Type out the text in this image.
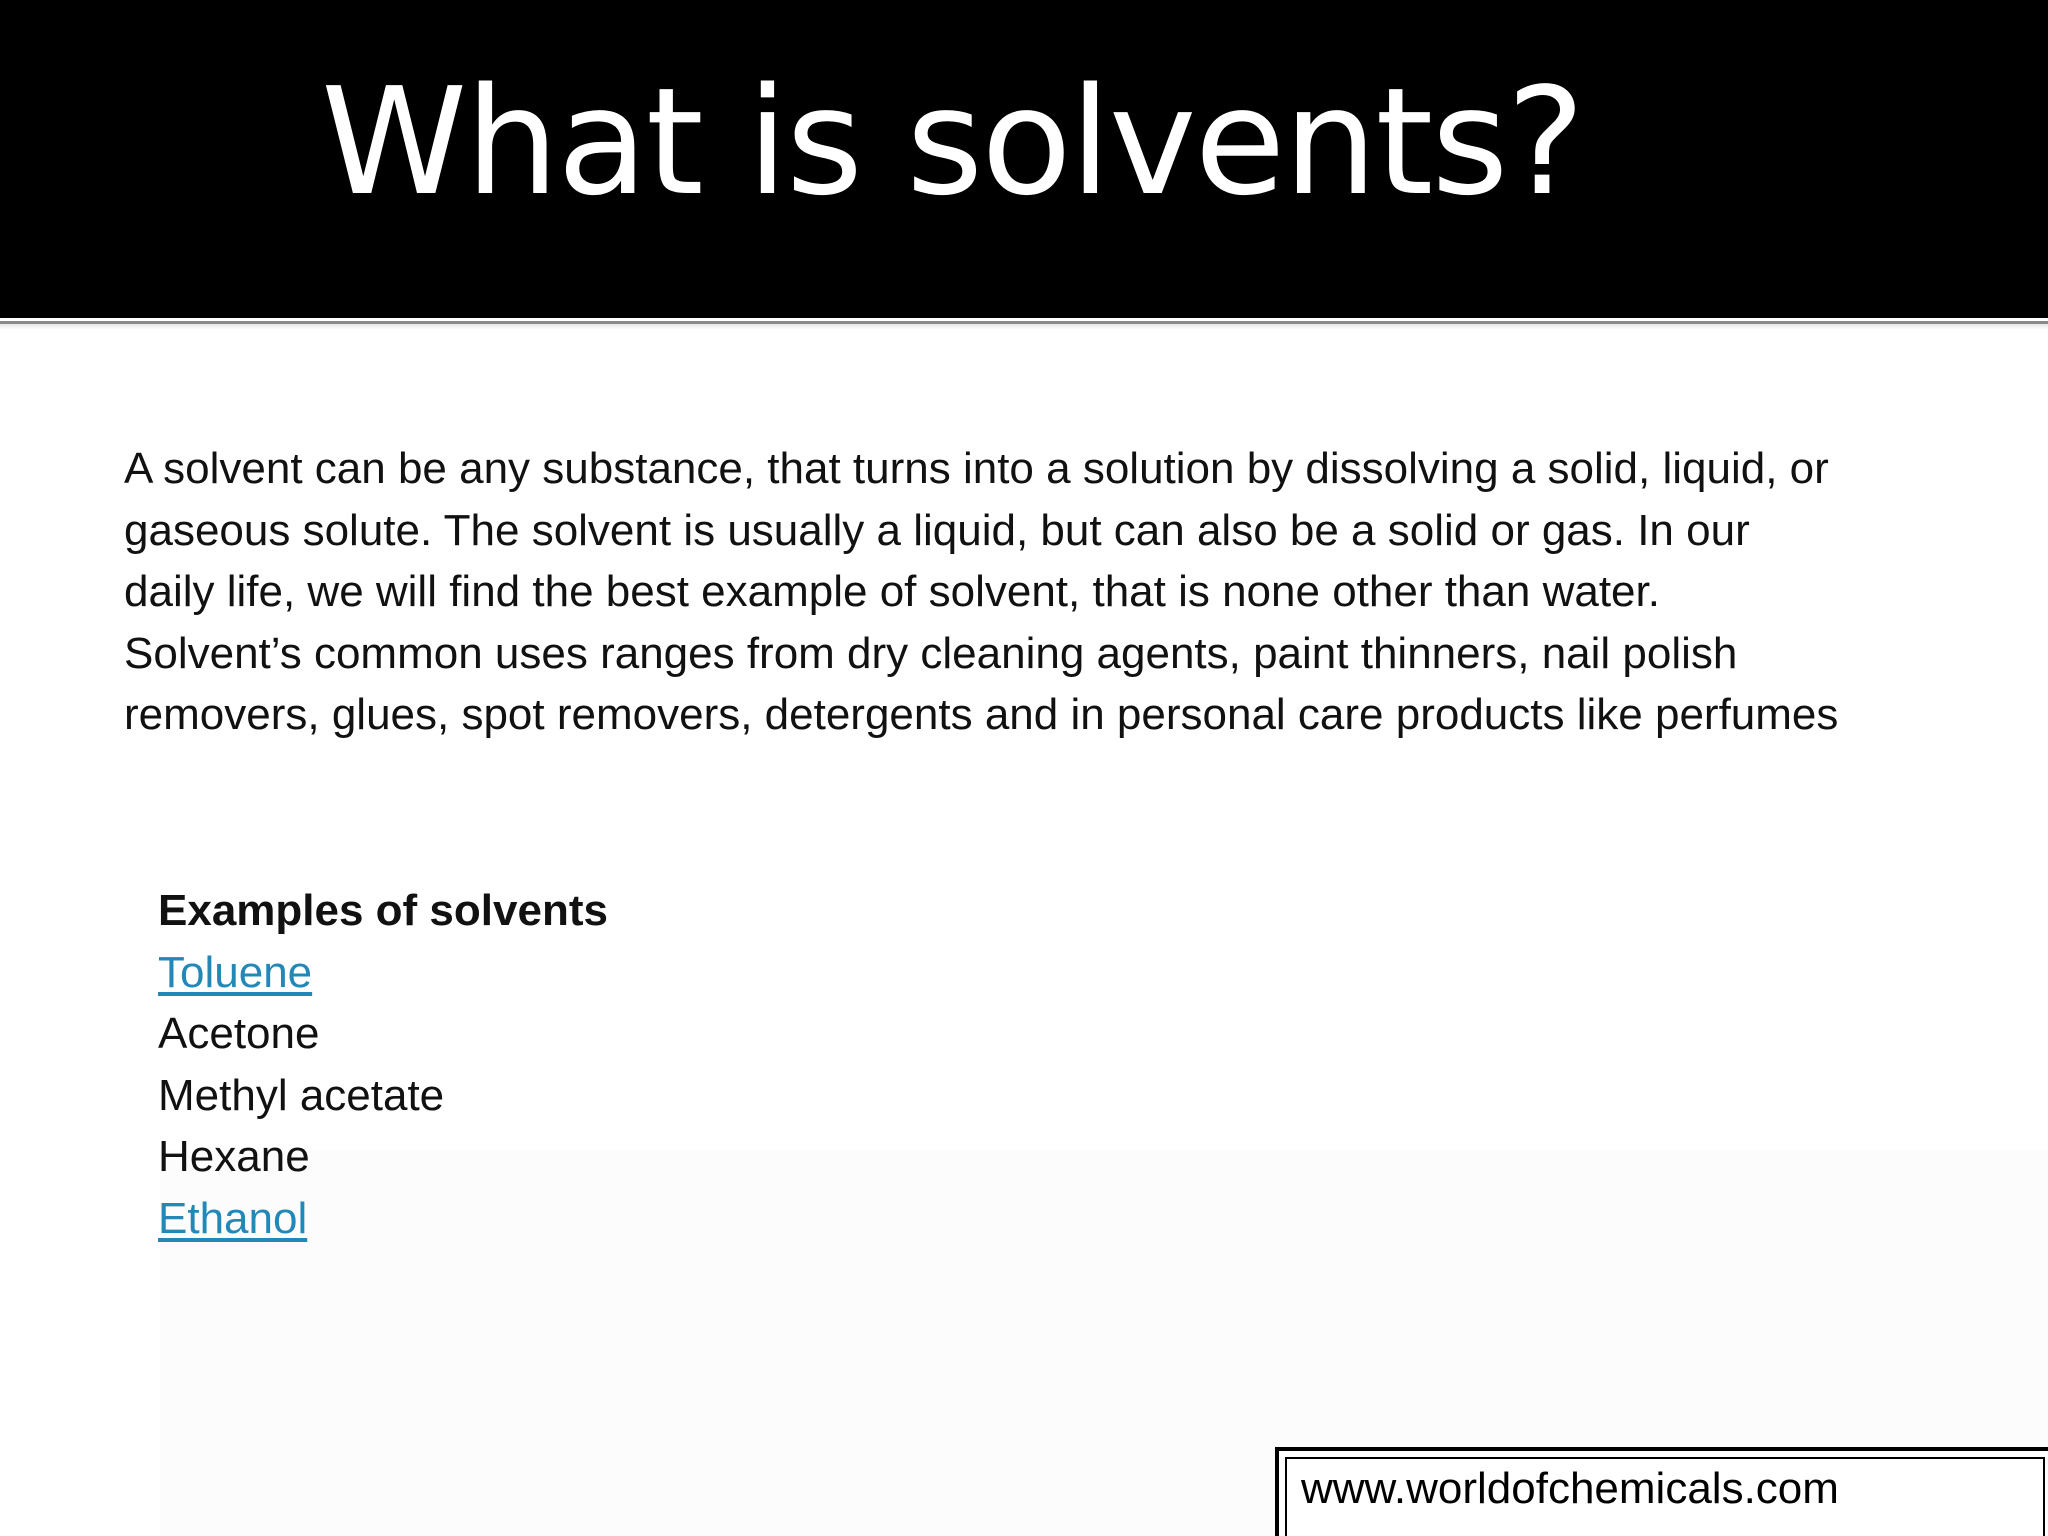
What is solvents?

A solvent can be any substance, that turns into a solution by dissolving a solid, liquid, or gaseous solute. The solvent is usually a liquid, but can also be a solid or gas. In our daily life, we will find the best example of solvent, that is none other than water. Solvent’s common uses ranges from dry cleaning agents, paint thinners, nail polish removers, glues, spot removers, detergents and in personal care products like perfumes

Examples of solvents

Toluene
Acetone
Methyl acetate
Hexane
Ethanol
www.worldofchemicals.com
